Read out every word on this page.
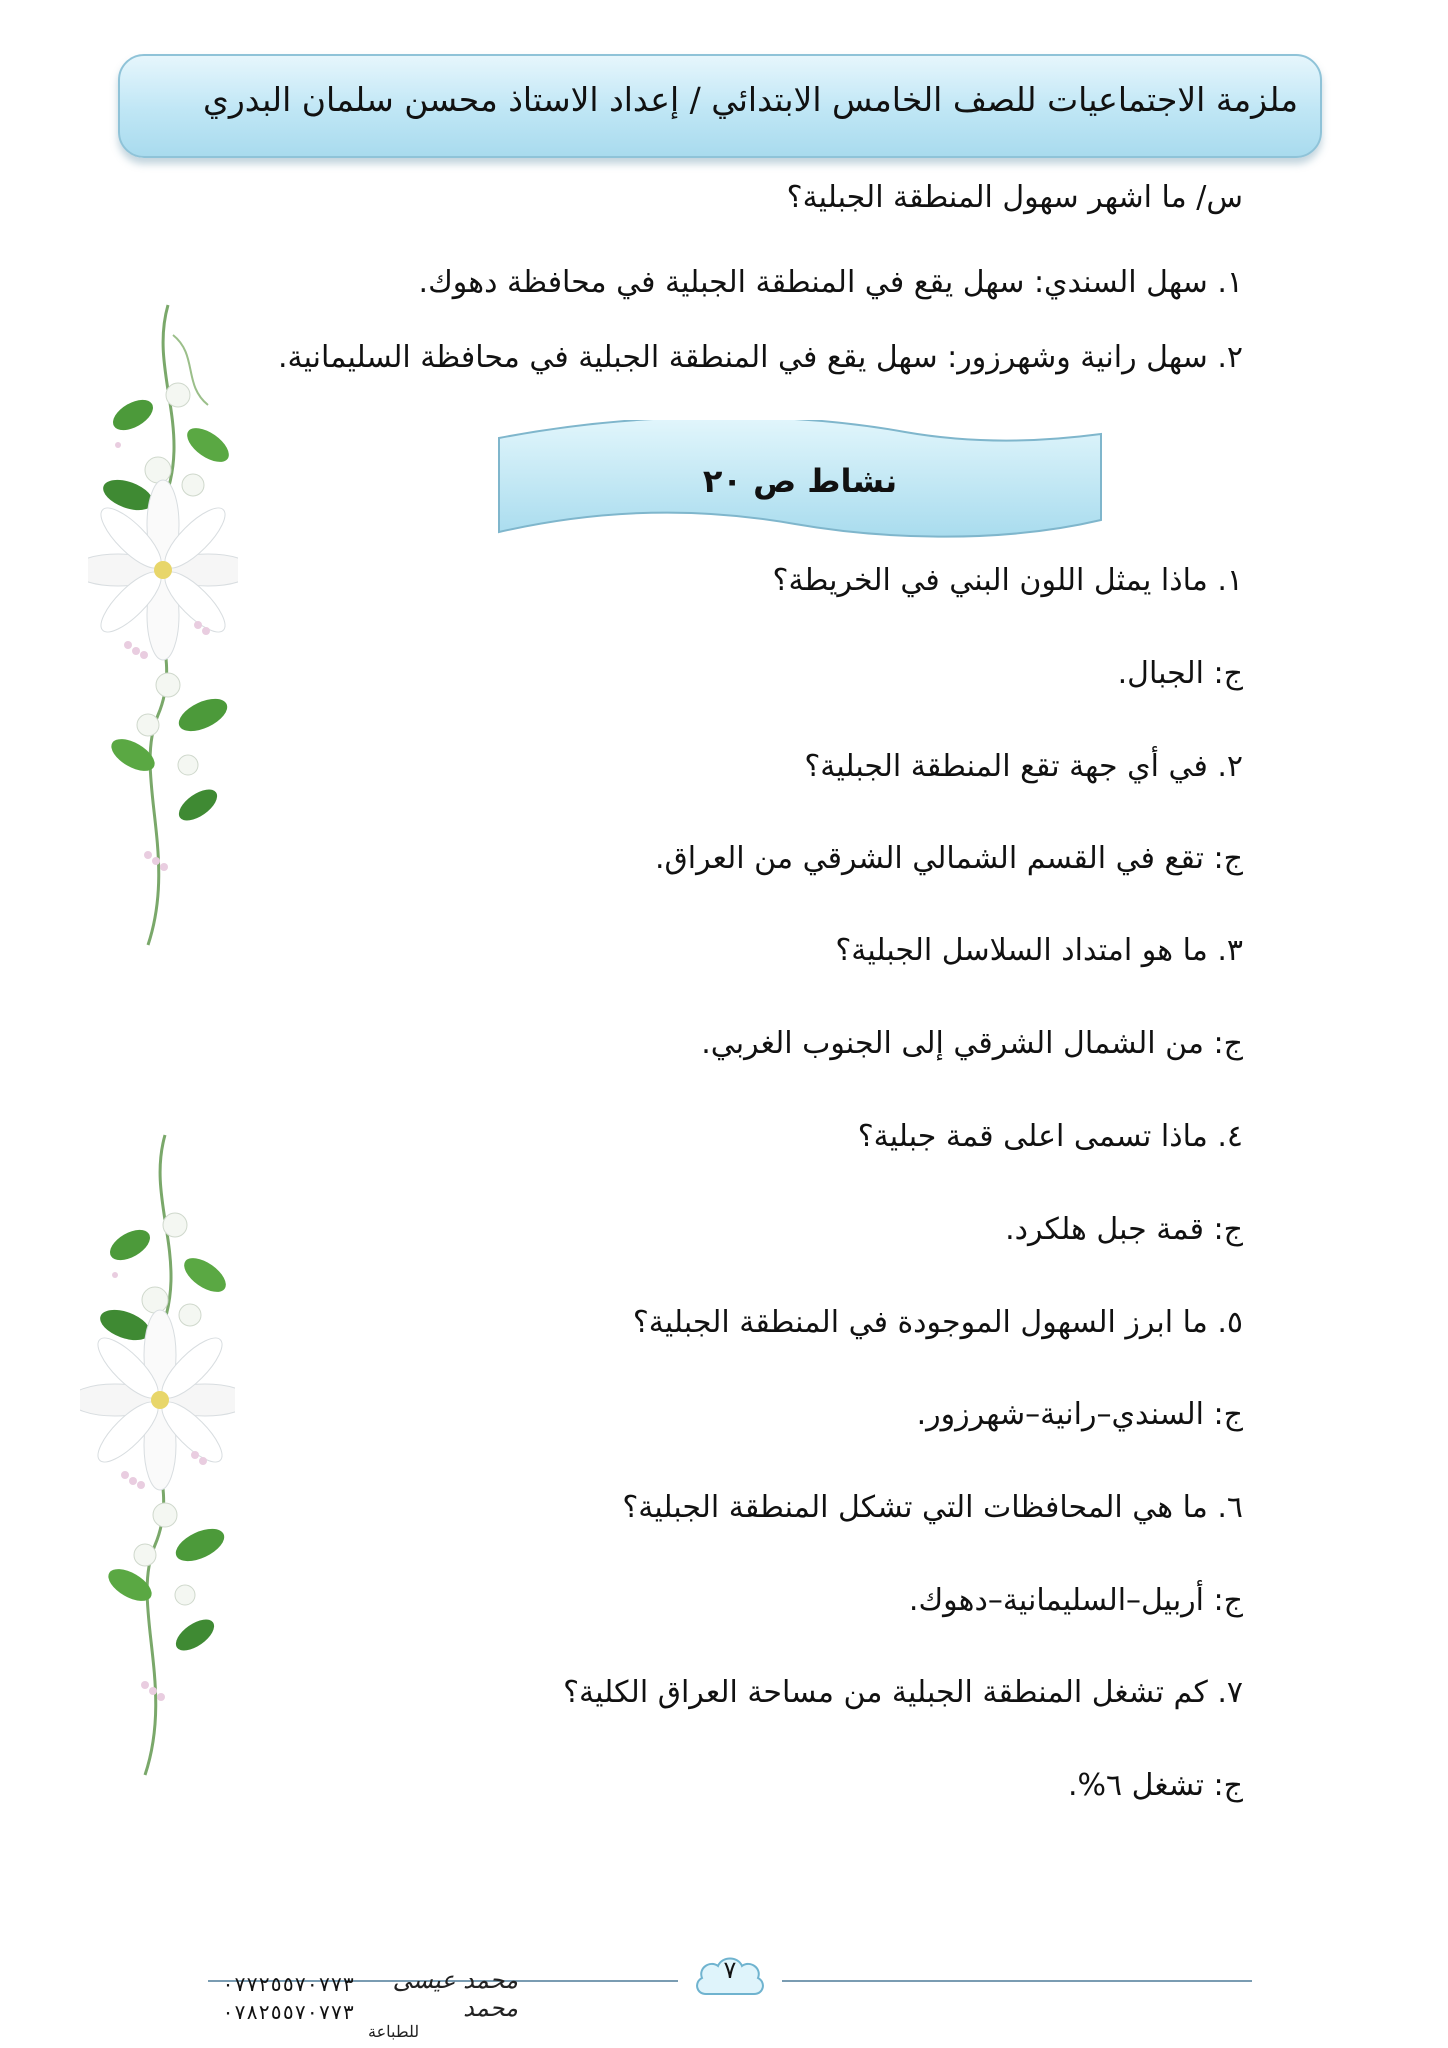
ملزمة الاجتماعيات للصف الخامس الابتدائي / إعداد الاستاذ محسن سلمان البدري
س/ ما اشهر سهول المنطقة الجبلية؟
١. سهل السندي: سهل يقع في المنطقة الجبلية في محافظة دهوك.
٢. سهل رانية وشهرزور: سهل يقع في المنطقة الجبلية في محافظة السليمانية.
نشاط ص ٢٠
١. ماذا يمثل اللون البني في الخريطة؟
ج: الجبال.
٢. في أي جهة تقع المنطقة الجبلية؟
ج: تقع في القسم الشمالي الشرقي من العراق.
٣. ما هو امتداد السلاسل الجبلية؟
ج: من الشمال الشرقي إلى الجنوب الغربي.
٤. ماذا تسمى اعلى قمة جبلية؟
ج: قمة جبل هلكرد.
٥. ما ابرز السهول الموجودة في المنطقة الجبلية؟
ج: السندي–رانية–شهرزور.
٦. ما هي المحافظات التي تشكل المنطقة الجبلية؟
ج: أربيل–السليمانية–دهوك.
٧. كم تشغل المنطقة الجبلية من مساحة العراق الكلية؟
ج: تشغل ٦%.
٧
٠٧٧٢٥٥٧٠٧٧٣
٠٧٨٢٥٥٧٠٧٧٣
محمد عيسى محمد
للطباعة
